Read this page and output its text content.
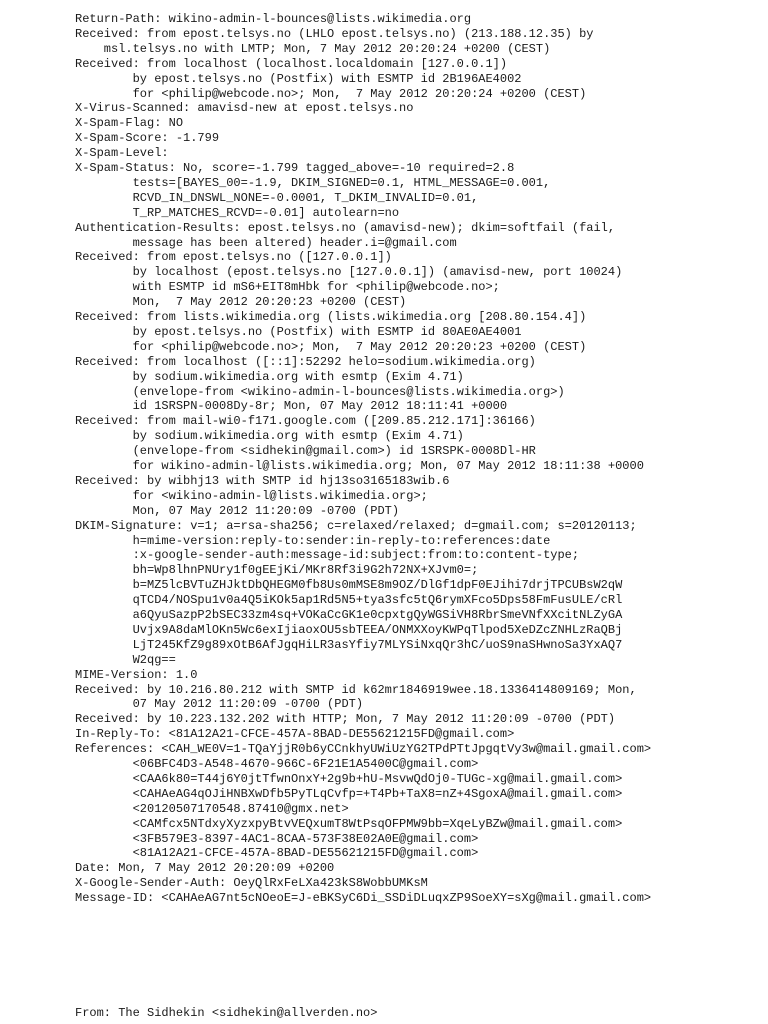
Return-Path: wikino-admin-l-bounces@lists.wikimedia.org
Received: from epost.telsys.no (LHLO epost.telsys.no) (213.188.12.35) by
msl.telsys.no with LMTP; Mon, 7 May 2012 20:20:24 +0200 (CEST)
Received: from localhost (localhost.localdomain [127.0.0.1])
by epost.telsys.no (Postfix) with ESMTP id 2B196AE4002
for <philip@webcode.no>; Mon,  7 May 2012 20:20:24 +0200 (CEST)
X-Virus-Scanned: amavisd-new at epost.telsys.no
X-Spam-Flag: NO
X-Spam-Score: -1.799
X-Spam-Level:
X-Spam-Status: No, score=-1.799 tagged_above=-10 required=2.8
tests=[BAYES_00=-1.9, DKIM_SIGNED=0.1, HTML_MESSAGE=0.001,
RCVD_IN_DNSWL_NONE=-0.0001, T_DKIM_INVALID=0.01,
T_RP_MATCHES_RCVD=-0.01] autolearn=no
Authentication-Results: epost.telsys.no (amavisd-new); dkim=softfail (fail,
message has been altered) header.i=@gmail.com
Received: from epost.telsys.no ([127.0.0.1])
by localhost (epost.telsys.no [127.0.0.1]) (amavisd-new, port 10024)
with ESMTP id mS6+EIT8mHbk for <philip@webcode.no>;
Mon,  7 May 2012 20:20:23 +0200 (CEST)
Received: from lists.wikimedia.org (lists.wikimedia.org [208.80.154.4])
by epost.telsys.no (Postfix) with ESMTP id 80AE0AE4001
for <philip@webcode.no>; Mon,  7 May 2012 20:20:23 +0200 (CEST)
Received: from localhost ([::1]:52292 helo=sodium.wikimedia.org)
by sodium.wikimedia.org with esmtp (Exim 4.71)
(envelope-from <wikino-admin-l-bounces@lists.wikimedia.org>)
id 1SRSPN-0008Dy-8r; Mon, 07 May 2012 18:11:41 +0000
Received: from mail-wi0-f171.google.com ([209.85.212.171]:36166)
by sodium.wikimedia.org with esmtp (Exim 4.71)
(envelope-from <sidhekin@gmail.com>) id 1SRSPK-0008Dl-HR
for wikino-admin-l@lists.wikimedia.org; Mon, 07 May 2012 18:11:38 +0000
Received: by wibhj13 with SMTP id hj13so3165183wib.6
for <wikino-admin-l@lists.wikimedia.org>;
Mon, 07 May 2012 11:20:09 -0700 (PDT)
DKIM-Signature: v=1; a=rsa-sha256; c=relaxed/relaxed; d=gmail.com; s=20120113;
h=mime-version:reply-to:sender:in-reply-to:references:date
:x-google-sender-auth:message-id:subject:from:to:content-type;
bh=Wp8lhnPNUry1f0gEEjKi/MKr8Rf3i9G2h72NX+XJvm0=;
b=MZ5lcBVTuZHJktDbQHEGM0fb8Us0mMSE8m9OZ/DlGf1dpF0EJihi7drjTPCUBsW2qW
qTCD4/NOSpu1v0a4Q5iKOk5ap1Rd5N5+tya3sfc5tQ6rymXFco5Dps58FmFusULE/cRl
a6QyuSazpP2bSEC33zm4sq+VOKaCcGK1e0cpxtgQyWGSiVH8RbrSmeVNfXXcitNLZyGA
Uvjx9A8daMlOKn5Wc6exIjiaoxOU5sbTEEA/ONMXXoyKWPqTlpod5XeDZcZNHLzRaQBj
LjT245KfZ9g89xOtB6AfJgqHiLR3asYfiy7MLYSiNxqQr3hC/uoS9naSHwnoSa3YxAQ7
W2qg==
MIME-Version: 1.0
Received: by 10.216.80.212 with SMTP id k62mr1846919wee.18.1336414809169; Mon,
07 May 2012 11:20:09 -0700 (PDT)
Received: by 10.223.132.202 with HTTP; Mon, 7 May 2012 11:20:09 -0700 (PDT)
In-Reply-To: <81A12A21-CFCE-457A-8BAD-DE55621215FD@gmail.com>
References: <CAH_WE0V=1-TQaYjjR0b6yCCnkhyUWiUzYG2TPdPTtJpgqtVy3w@mail.gmail.com>
<06BFC4D3-A548-4670-966C-6F21E1A5400C@gmail.com>
<CAA6k80=T44j6Y0jtTfwnOnxY+2g9b+hU-MsvwQdOj0-TUGc-xg@mail.gmail.com>
<CAHAeAG4qOJiHNBXwDfb5PyTLqCvfp=+T4Pb+TaX8=nZ+4SgoxA@mail.gmail.com>
<20120507170548.87410@gmx.net>
<CAMfcx5NTdxyXyzxpyBtvVEQxumT8WtPsqOFPMW9bb=XqeLyBZw@mail.gmail.com>
<3FB579E3-8397-4AC1-8CAA-573F38E02A0E@gmail.com>
<81A12A21-CFCE-457A-8BAD-DE55621215FD@gmail.com>
Date: Mon, 7 May 2012 20:20:09 +0200
X-Google-Sender-Auth: OeyQlRxFeLXa423kS8WobbUMKsM
Message-ID: <CAHAeAG7nt5cNOeoE=J-eBKSyC6Di_SSDiDLuqxZP9SoeXY=sXg@mail.gmail.com>
From: The Sidhekin <sidhekin@allverden.no>
